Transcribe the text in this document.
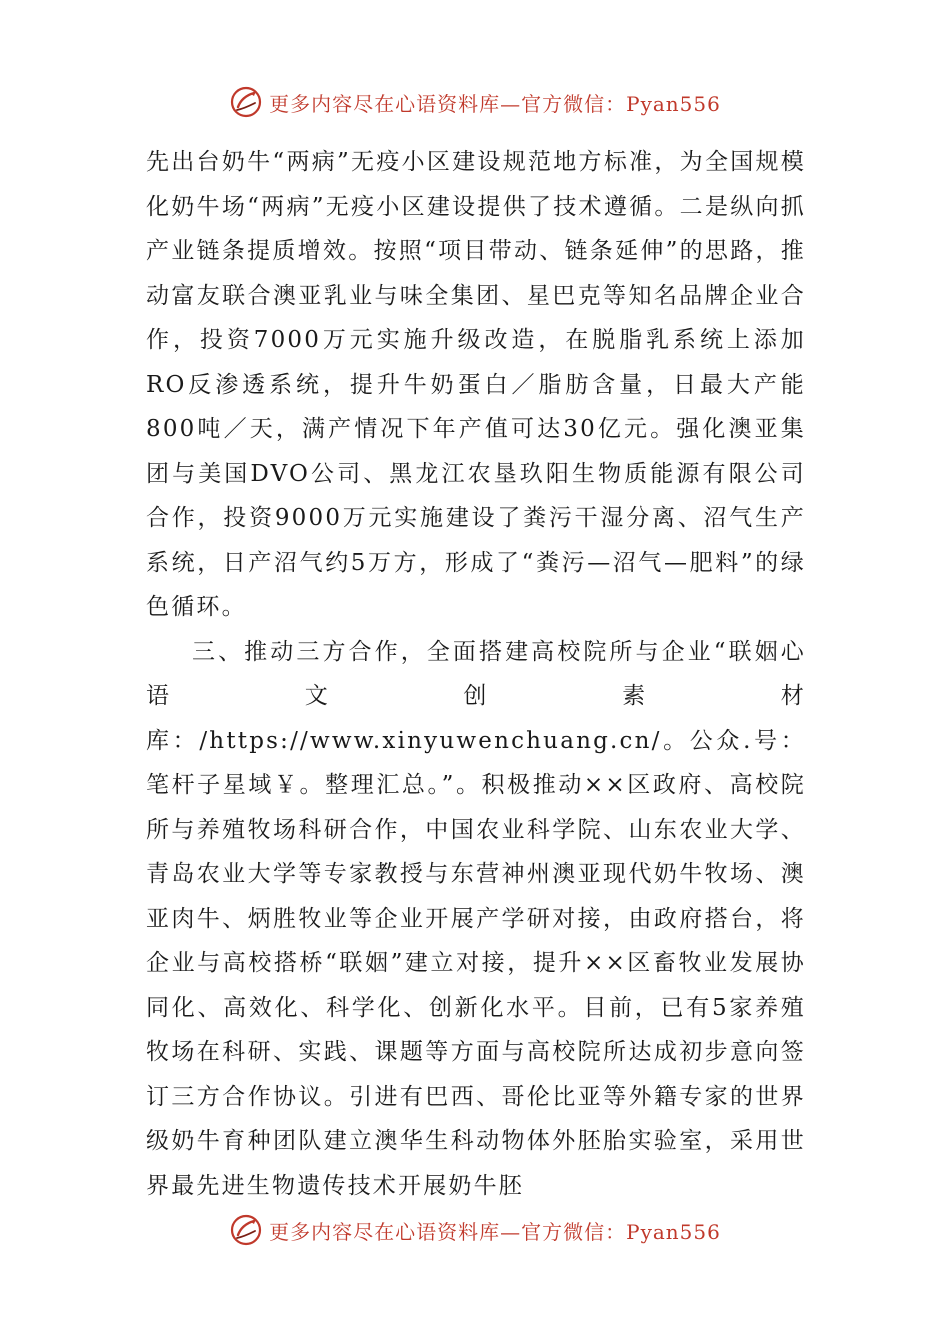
更多内容尽在心语资料库—官方微信：Pyan556

先出台奶牛“两病”无疫小区建设规范地方标准，为全国规模化奶牛场“两病”无疫小区建设提供了技术遵循。二是纵向抓产业链条提质增效。按照“项目带动、链条延伸”的思路，推动富友联合澳亚乳业与味全集团、星巴克等知名品牌企业合作，投资7000万元实施升级改造，在脱脂乳系统上添加RO反渗透系统，提升牛奶蛋白／脂肪含量，日最大产能800吨／天，满产情况下年产值可达30亿元。强化澳亚集团与美国DVO公司、黑龙江农垦玖阳生物质能源有限公司合作，投资9000万元实施建设了粪污干湿分离、沼气生产系统，日产沼气约5万方，形成了“粪污—沼气—肥料”的绿色循环。

三、推动三方合作，全面搭建高校院所与企业“联姻心语文创素材库：/https://www.xinyuwenchuang.cn/。公众.号：笔杆子星域￥。整理汇总。”。积极推动××区政府、高校院所与养殖牧场科研合作，中国农业科学院、山东农业大学、青岛农业大学等专家教授与东营神州澳亚现代奶牛牧场、澳亚肉牛、炳胜牧业等企业开展产学研对接，由政府搭台，将企业与高校搭桥“联姻”建立对接，提升××区畜牧业发展协同化、高效化、科学化、创新化水平。目前，已有5家养殖牧场在科研、实践、课题等方面与高校院所达成初步意向签订三方合作协议。引进有巴西、哥伦比亚等外籍专家的世界级奶牛育种团队建立澳华生科动物体外胚胎实验室，采用世界最先进生物遗传技术开展奶牛胚

更多内容尽在心语资料库—官方微信：Pyan556
